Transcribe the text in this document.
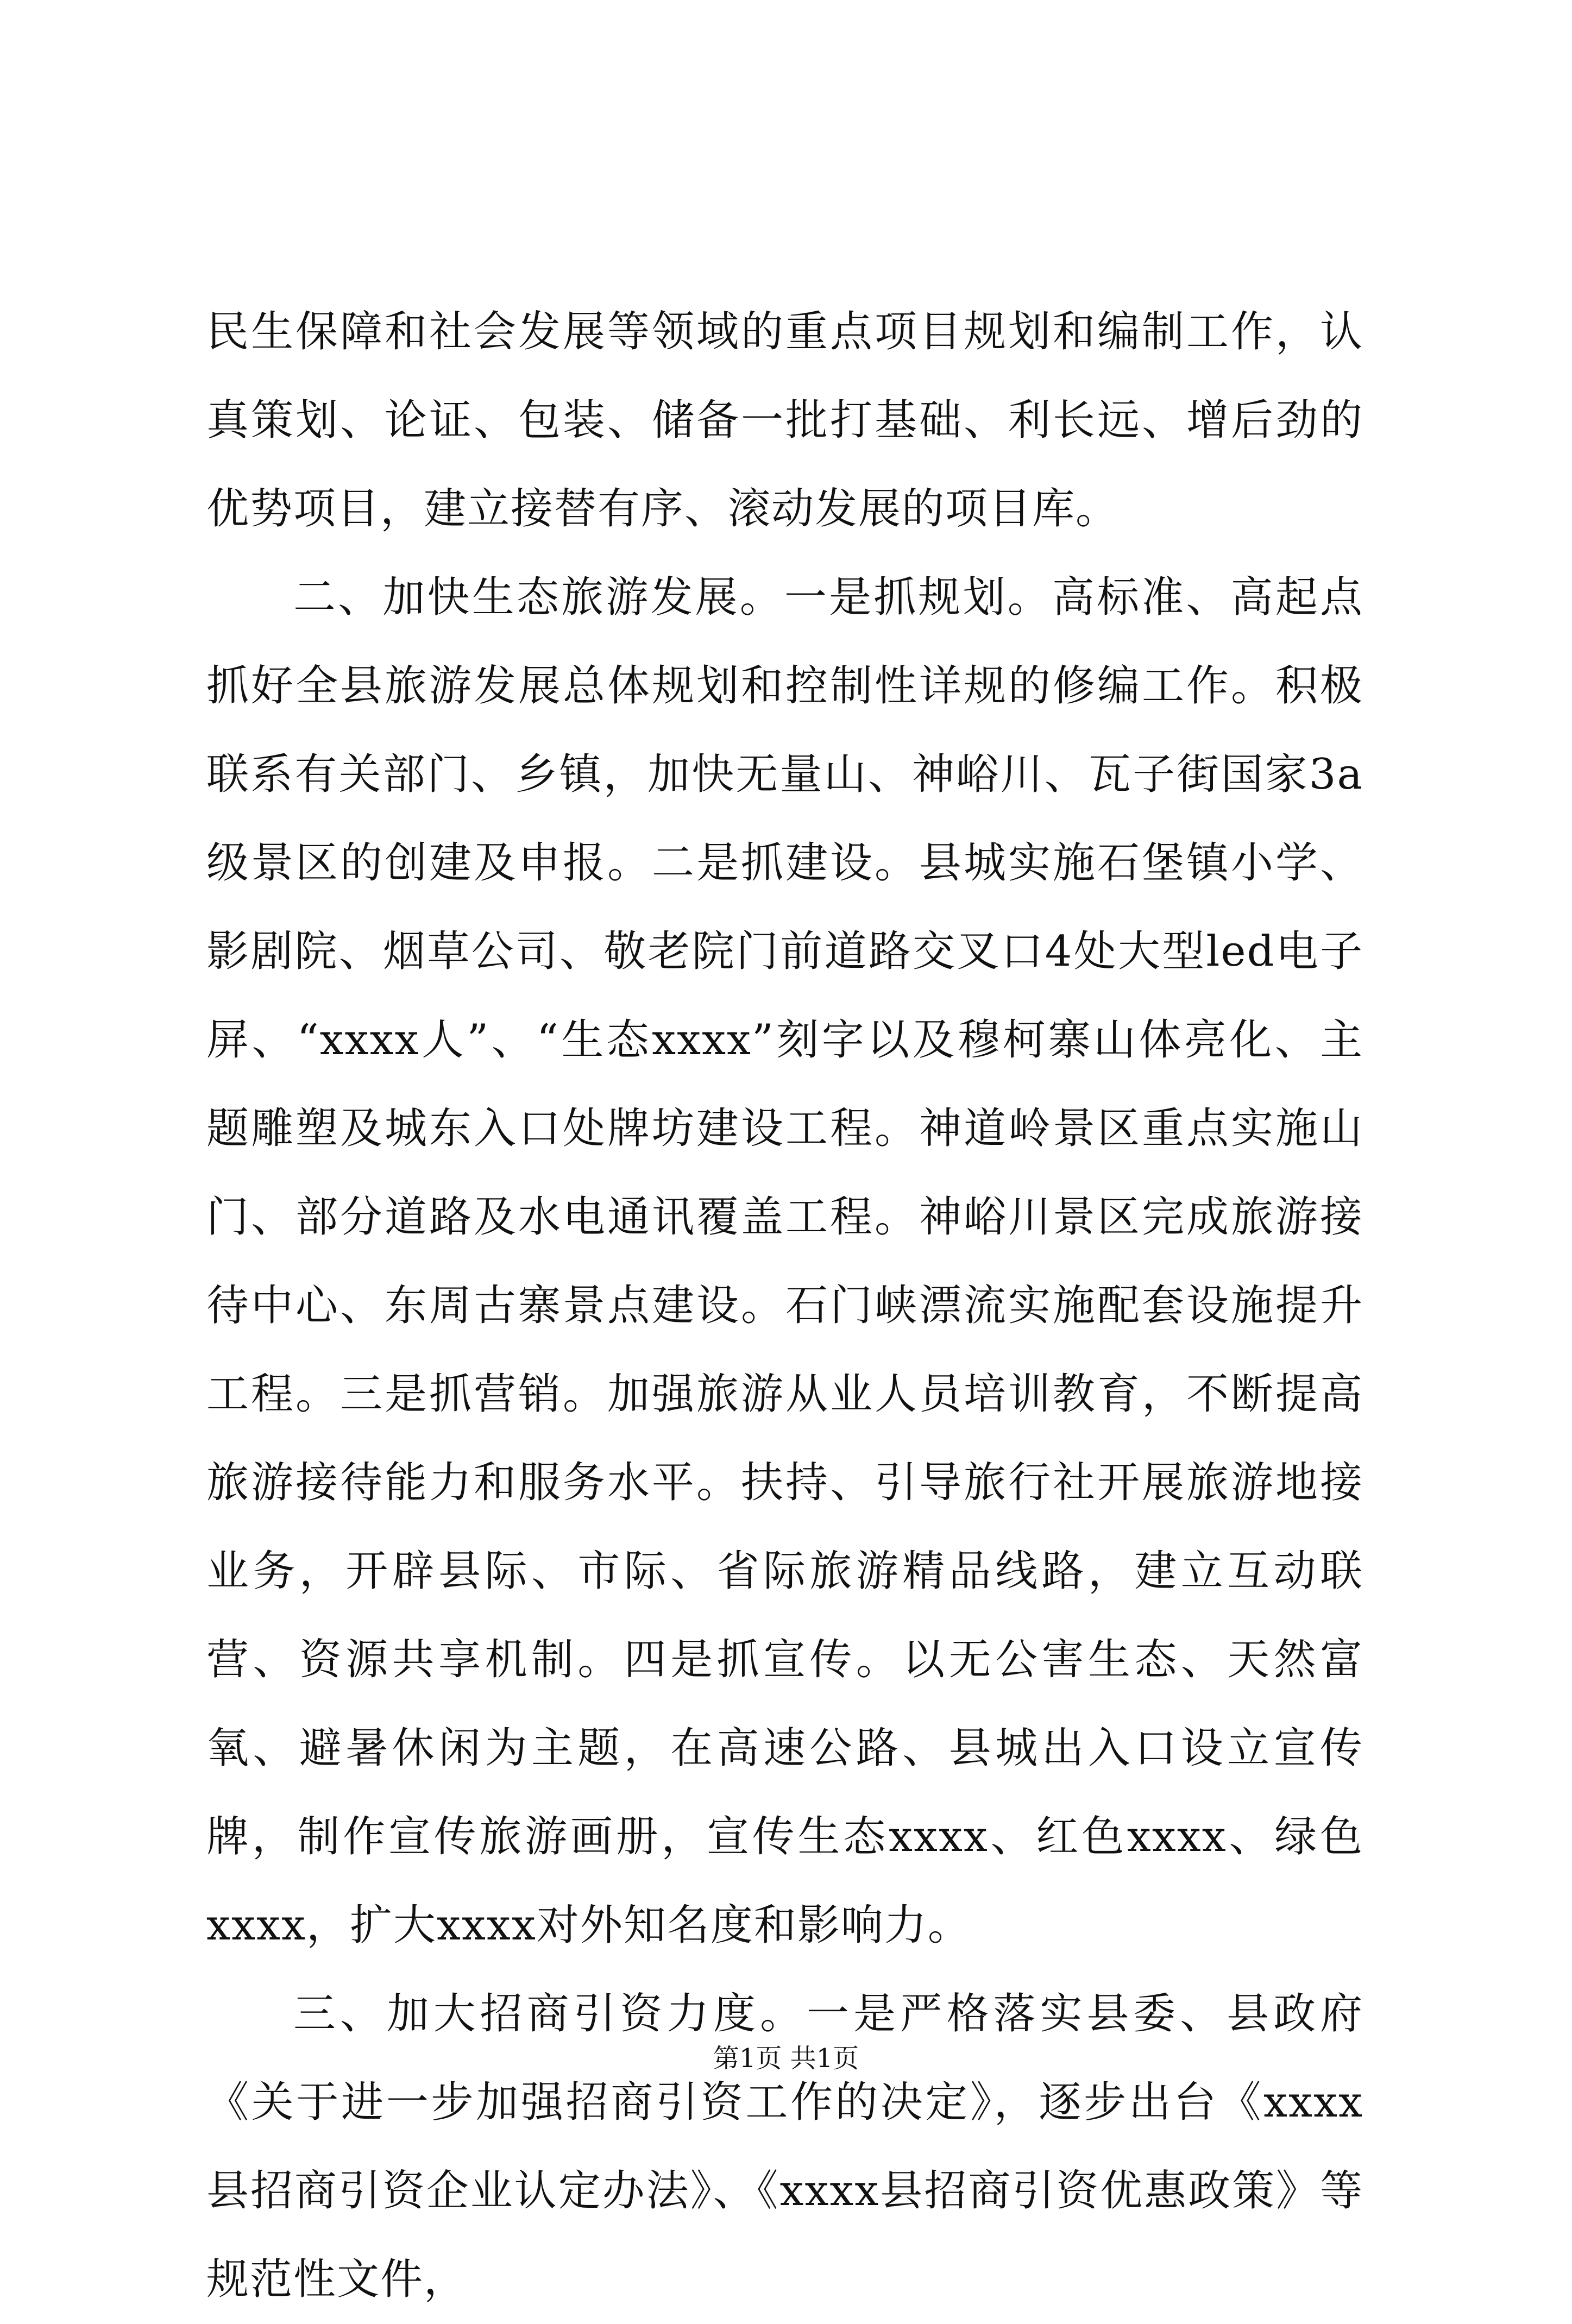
民生保障和社会发展等领域的重点项目规划和编制工作，认真策划、论证、包装、储备一批打基础、利长远、增后劲的优势项目，建立接替有序、滚动发展的项目库。

二、加快生态旅游发展。一是抓规划。高标准、高起点抓好全县旅游发展总体规划和控制性详规的修编工作。积极联系有关部门、乡镇，加快无量山、神峪川、瓦子街国家3a级景区的创建及申报。二是抓建设。县城实施石堡镇小学、影剧院、烟草公司、敬老院门前道路交叉口4处大型led电子屏、“xxxx人”、“生态xxxx”刻字以及穆柯寨山体亮化、主题雕塑及城东入口处牌坊建设工程。神道岭景区重点实施山门、部分道路及水电通讯覆盖工程。神峪川景区完成旅游接待中心、东周古寨景点建设。石门峡漂流实施配套设施提升工程。三是抓营销。加强旅游从业人员培训教育，不断提高旅游接待能力和服务水平。扶持、引导旅行社开展旅游地接业务，开辟县际、市际、省际旅游精品线路，建立互动联营、资源共享机制。四是抓宣传。以无公害生态、天然富氧、避暑休闲为主题，在高速公路、县城出入口设立宣传牌，制作宣传旅游画册，宣传生态xxxx、红色xxxx、绿色xxxx，扩大xxxx对外知名度和影响力。

三、加大招商引资力度。一是严格落实县委、县政府《关于进一步加强招商引资工作的决定》，逐步出台《xxxx县招商引资企业认定办法》、《xxxx县招商引资优惠政策》等规范性文件，

第1页 共1页
